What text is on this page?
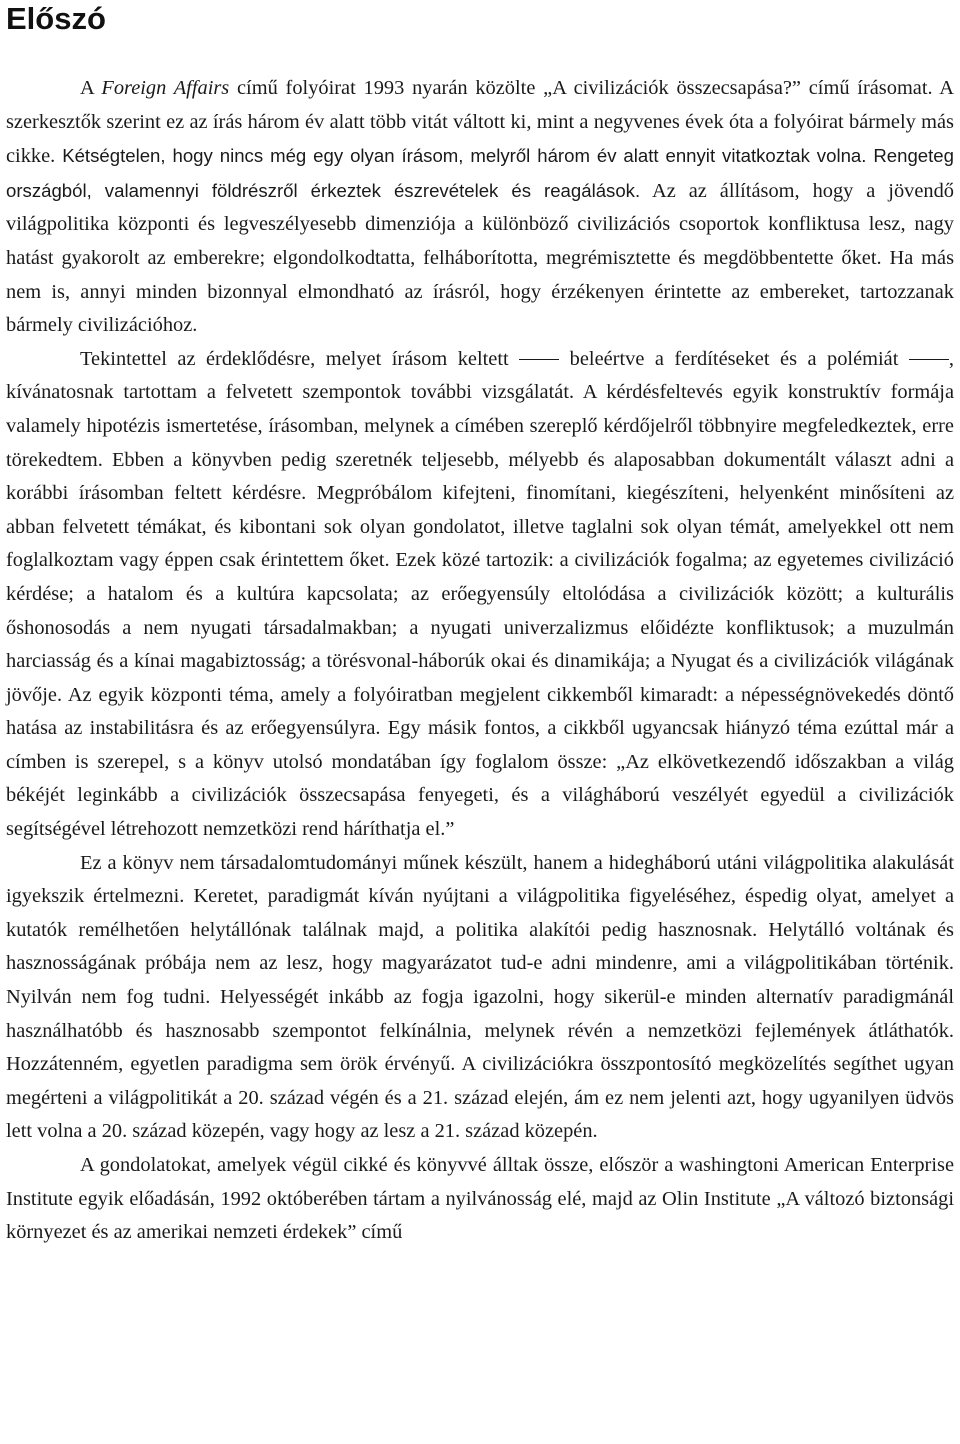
Előszó

A Foreign Affairs című folyóirat 1993 nyarán közölte „A civilizációk összecsapása?” című írásomat. A szerkesztők szerint ez az írás három év alatt több vitát váltott ki, mint a negyvenes évek óta a folyóirat bármely más cikke. Kétségtelen, hogy nincs még egy olyan írásom, melyről három év alatt ennyit vitatkoztak volna. Rengeteg országból, valamennyi földrészről érkeztek észrevételek és reagálások. Az az állításom, hogy a jövendő világpolitika központi és legveszélyesebb dimenziója a különböző civilizációs csoportok konfliktusa lesz, nagy hatást gyakorolt az emberekre; elgondolkodtatta, felháborította, megrémisztette és megdöbbentette őket. Ha más nem is, annyi minden bizonnyal elmondható az írásról, hogy érzékenyen érintette az embereket, tartozzanak bármely civilizációhoz.

Tekintettel az érdeklődésre, melyet írásom keltett  beleértve a ferdítéseket és a polémiát , kívánatosnak tartottam a felvetett szempontok további vizsgálatát. A kérdésfeltevés egyik konstruktív formája valamely hipotézis ismertetése, írásomban, melynek a címében szereplő kérdőjelről többnyire megfeledkeztek, erre törekedtem. Ebben a könyvben pedig szeretnék teljesebb, mélyebb és alaposabban dokumentált választ adni a korábbi írásomban feltett kérdésre. Megpróbálom kifejteni, finomítani, kiegészíteni, helyenként minősíteni az abban felvetett témákat, és kibontani sok olyan gondolatot, illetve taglalni sok olyan témát, amelyekkel ott nem foglalkoztam vagy éppen csak érintettem őket. Ezek közé tartozik: a civilizációk fogalma; az egyetemes civilizáció kérdése; a hatalom és a kultúra kapcsolata; az erőegyensúly eltolódása a civilizációk között; a kulturális őshonosodás a nem nyugati társadalmakban; a nyugati univerzalizmus előidézte konfliktusok; a muzulmán harciasság és a kínai magabiztosság; a törésvonal-háborúk okai és dinamikája; a Nyugat és a civilizációk világának jövője. Az egyik központi téma, amely a folyóiratban megjelent cikkemből kimaradt: a népességnövekedés döntő hatása az instabilitásra és az erőegyensúlyra. Egy másik fontos, a cikkből ugyancsak hiányzó téma ezúttal már a címben is szerepel, s a könyv utolsó mondatában így foglalom össze: „Az elkövetkezendő időszakban a világ békéjét leginkább a civilizációk összecsapása fenyegeti, és a világháború veszélyét egyedül a civilizációk segítségével létrehozott nemzetközi rend háríthatja el.”

Ez a könyv nem társadalomtudományi műnek készült, hanem a hidegháború utáni világpolitika alakulását igyekszik értelmezni. Keretet, paradigmát kíván nyújtani a világpolitika figyeléséhez, éspedig olyat, amelyet a kutatók remélhetően helytállónak találnak majd, a politika alakítói pedig hasznosnak. Helytálló voltának és hasznosságának próbája nem az lesz, hogy magyarázatot tud-e adni mindenre, ami a világpolitikában történik. Nyilván nem fog tudni. Helyességét inkább az fogja igazolni, hogy sikerül-e minden alternatív paradigmánál használhatóbb és hasznosabb szempontot felkínálnia, melynek révén a nemzetközi fejlemények átláthatók. Hozzátenném, egyetlen paradigma sem örök érvényű. A civilizációkra összpontosító megközelítés segíthet ugyan megérteni a világpolitikát a 20. század végén és a 21. század elején, ám ez nem jelenti azt, hogy ugyanilyen üdvös lett volna a 20. század közepén, vagy hogy az lesz a 21. század közepén.

A gondolatokat, amelyek végül cikké és könyvvé álltak össze, először a washingtoni American Enterprise Institute egyik előadásán, 1992 októberében tártam a nyilvánosság elé, majd az Olin Institute „A változó biztonsági környezet és az amerikai nemzeti érdekek” című
